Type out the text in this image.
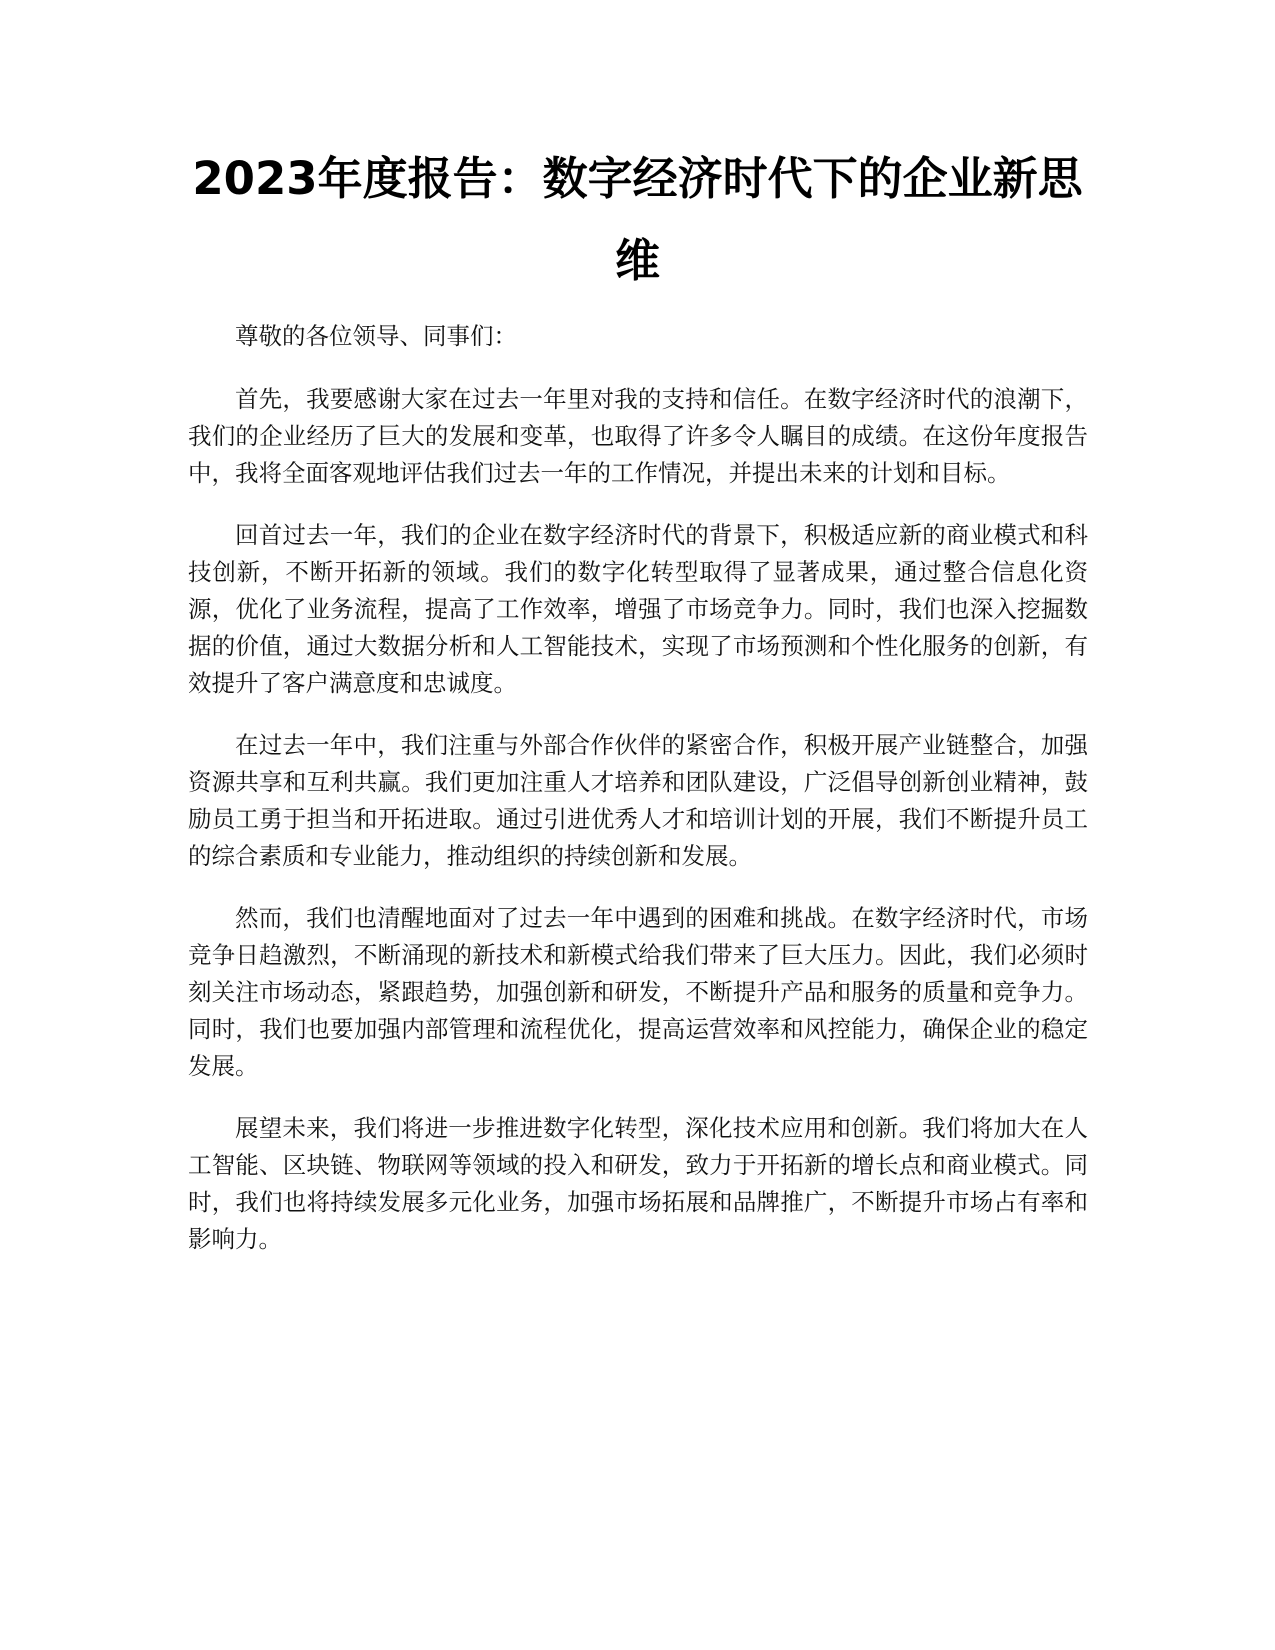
2023年度报告：数字经济时代下的企业新思维

尊敬的各位领导、同事们：

首先，我要感谢大家在过去一年里对我的支持和信任。在数字经济时代的浪潮下，我们的企业经历了巨大的发展和变革，也取得了许多令人瞩目的成绩。在这份年度报告中，我将全面客观地评估我们过去一年的工作情况，并提出未来的计划和目标。

回首过去一年，我们的企业在数字经济时代的背景下，积极适应新的商业模式和科技创新，不断开拓新的领域。我们的数字化转型取得了显著成果，通过整合信息化资源，优化了业务流程，提高了工作效率，增强了市场竞争力。同时，我们也深入挖掘数据的价值，通过大数据分析和人工智能技术，实现了市场预测和个性化服务的创新，有效提升了客户满意度和忠诚度。

在过去一年中，我们注重与外部合作伙伴的紧密合作，积极开展产业链整合，加强资源共享和互利共赢。我们更加注重人才培养和团队建设，广泛倡导创新创业精神，鼓励员工勇于担当和开拓进取。通过引进优秀人才和培训计划的开展，我们不断提升员工的综合素质和专业能力，推动组织的持续创新和发展。

然而，我们也清醒地面对了过去一年中遇到的困难和挑战。在数字经济时代，市场竞争日趋激烈，不断涌现的新技术和新模式给我们带来了巨大压力。因此，我们必须时刻关注市场动态，紧跟趋势，加强创新和研发，不断提升产品和服务的质量和竞争力。同时，我们也要加强内部管理和流程优化，提高运营效率和风控能力，确保企业的稳定发展。

展望未来，我们将进一步推进数字化转型，深化技术应用和创新。我们将加大在人工智能、区块链、物联网等领域的投入和研发，致力于开拓新的增长点和商业模式。同时，我们也将持续发展多元化业务，加强市场拓展和品牌推广，不断提升市场占有率和影响力。
